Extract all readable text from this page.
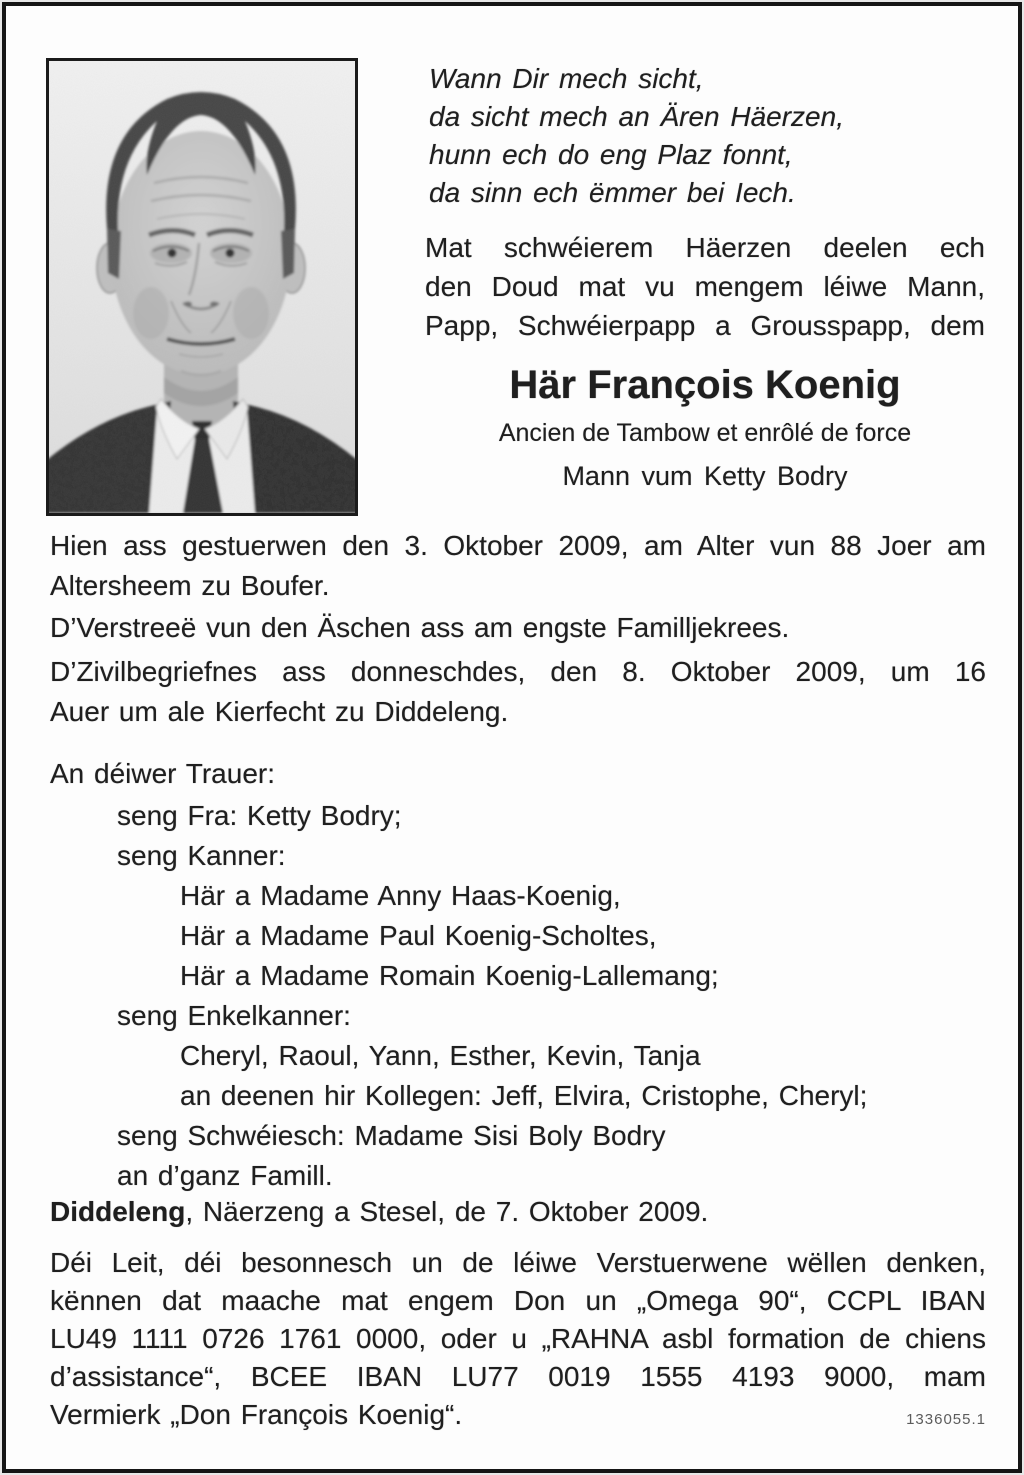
Wann Dir mech sicht,
da sicht mech an Ären Häerzen,
hunn ech do eng Plaz fonnt,
da sinn ech ëmmer bei Iech.
Mat schwéierem Häerzen deelen ech
den Doud mat vu mengem léiwe Mann,
Papp, Schwéierpapp a Grousspapp, dem
Här François Koenig
Ancien de Tambow et enrôlé de force
Mann vum Ketty Bodry
Hien ass gestuerwen den 3. Oktober 2009, am Alter vun 88 Joer am
Altersheem zu Boufer.
D’Verstreeë vun den Äschen ass am engste Familljekrees.
D’Zivilbegriefnes ass donneschdes, den 8. Oktober 2009, um 16
Auer um ale Kierfecht zu Diddeleng.
An déiwer Trauer:
seng Fra: Ketty Bodry;
seng Kanner:
Här a Madame Anny Haas-Koenig,
Här a Madame Paul Koenig-Scholtes,
Här a Madame Romain Koenig-Lallemang;
seng Enkelkanner:
Cheryl, Raoul, Yann, Esther, Kevin, Tanja
an deenen hir Kollegen: Jeff, Elvira, Cristophe, Cheryl;
seng Schwéiesch: Madame Sisi Boly Bodry
an d’ganz Famill.
Diddeleng, Näerzeng a Stesel, de 7. Oktober 2009.
Déi Leit, déi besonnesch un de léiwe Verstuerwene wëllen denken,
kënnen dat maache mat engem Don un „Omega 90“, CCPL IBAN
LU49 1111 0726 1761 0000, oder u „RAHNA asbl formation de chiens
d’assistance“, BCEE IBAN LU77 0019 1555 4193 9000, mam
Vermierk „Don François Koenig“.	1336055.1
